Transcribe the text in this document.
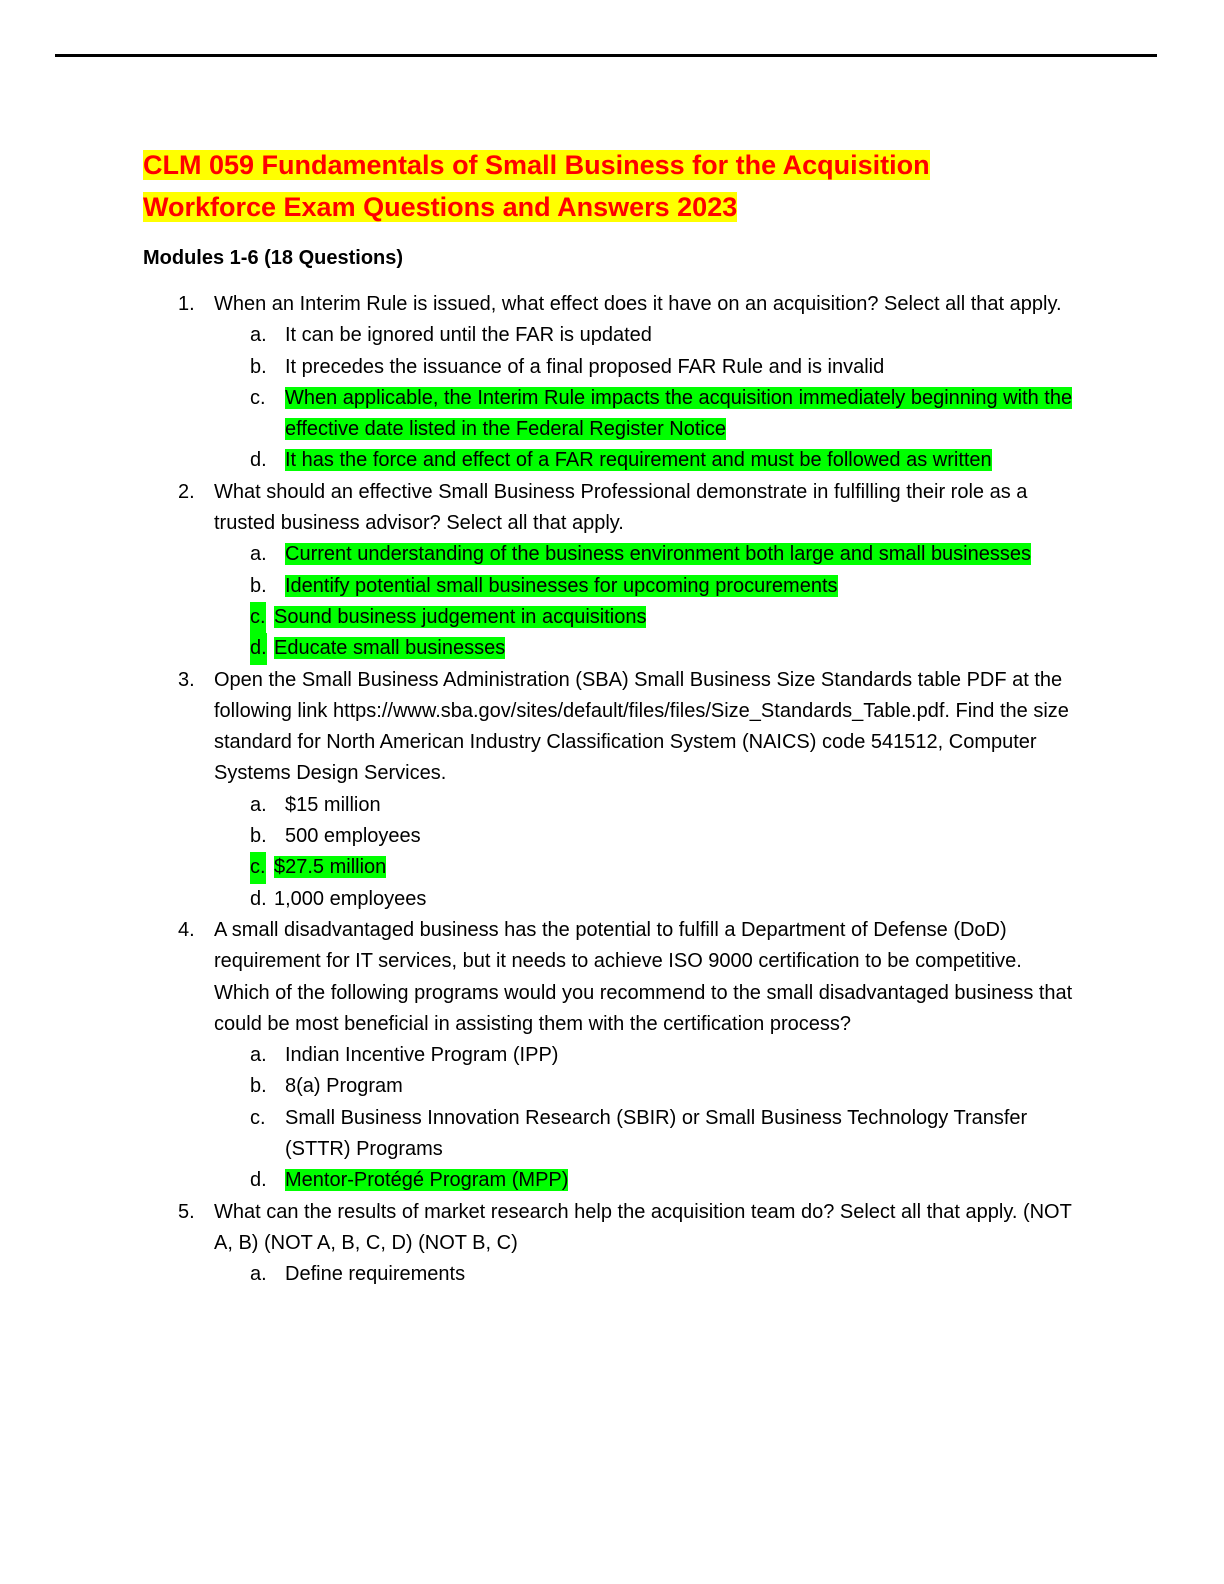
CLM 059 Fundamentals of Small Business for the Acquisition
Workforce Exam Questions and Answers 2023
Modules 1-6 (18 Questions)
1. When an Interim Rule is issued, what effect does it have on an acquisition? Select all that apply.
a. It can be ignored until the FAR is updated
b. It precedes the issuance of a final proposed FAR Rule and is invalid
c. When applicable, the Interim Rule impacts the acquisition immediately beginning with the effective date listed in the Federal Register Notice
d. It has the force and effect of a FAR requirement and must be followed as written
2. What should an effective Small Business Professional demonstrate in fulfilling their role as a trusted business advisor? Select all that apply.
a. Current understanding of the business environment both large and small businesses
b. Identify potential small businesses for upcoming procurements
c. Sound business judgement in acquisitions
d. Educate small businesses
3. Open the Small Business Administration (SBA) Small Business Size Standards table PDF at the following link https://www.sba.gov/sites/default/files/files/Size_Standards_Table.pdf. Find the size standard for North American Industry Classification System (NAICS) code 541512, Computer Systems Design Services.
a. $15 million
b. 500 employees
c. $27.5 million
d. 1,000 employees
4. A small disadvantaged business has the potential to fulfill a Department of Defense (DoD) requirement for IT services, but it needs to achieve ISO 9000 certification to be competitive. Which of the following programs would you recommend to the small disadvantaged business that could be most beneficial in assisting them with the certification process?
a. Indian Incentive Program (IPP)
b. 8(a) Program
c. Small Business Innovation Research (SBIR) or Small Business Technology Transfer (STTR) Programs
d. Mentor-Protégé Program (MPP)
5. What can the results of market research help the acquisition team do? Select all that apply. (NOT A, B) (NOT A, B, C, D) (NOT B, C)
a. Define requirements
